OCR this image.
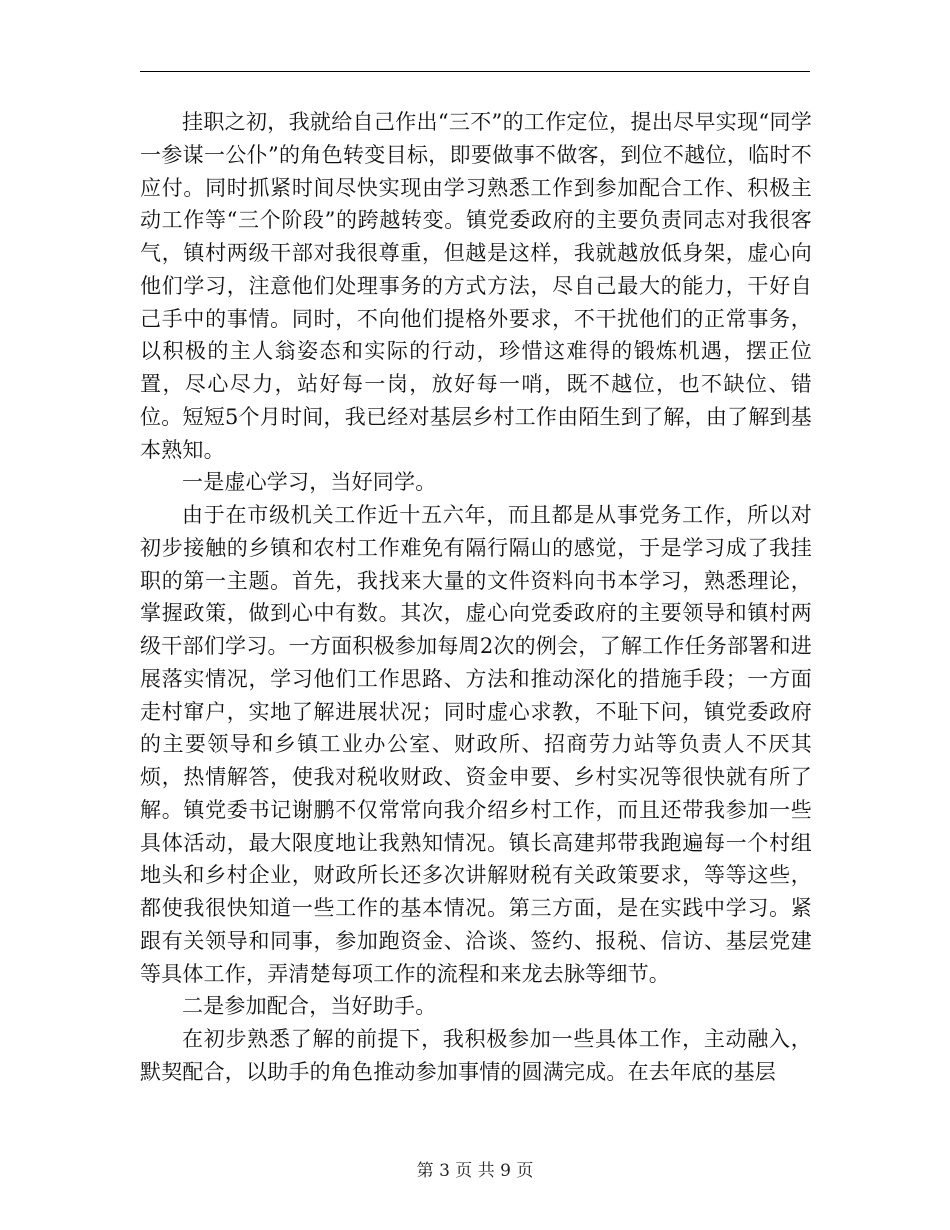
挂职之初，我就给自己作出“三不”的工作定位，提出尽早实现“同学一参谋一公仆”的角色转变目标，即要做事不做客，到位不越位，临时不应付。同时抓紧时间尽快实现由学习熟悉工作到参加配合工作、积极主动工作等“三个阶段”的跨越转变。镇党委政府的主要负责同志对我很客气，镇村两级干部对我很尊重，但越是这样，我就越放低身架，虚心向他们学习，注意他们处理事务的方式方法，尽自己最大的能力，干好自己手中的事情。同时，不向他们提格外要求，不干扰他们的正常事务，以积极的主人翁姿态和实际的行动，珍惜这难得的锻炼机遇，摆正位置，尽心尽力，站好每一岗，放好每一哨，既不越位，也不缺位、错位。短短5个月时间，我已经对基层乡村工作由陌生到了解，由了解到基本熟知。

一是虚心学习，当好同学。

由于在市级机关工作近十五六年，而且都是从事党务工作，所以对初步接触的乡镇和农村工作难免有隔行隔山的感觉，于是学习成了我挂职的第一主题。首先，我找来大量的文件资料向书本学习，熟悉理论，掌握政策，做到心中有数。其次，虚心向党委政府的主要领导和镇村两级干部们学习。一方面积极参加每周2次的例会，了解工作任务部署和进展落实情况，学习他们工作思路、方法和推动深化的措施手段；一方面走村窜户，实地了解进展状况；同时虚心求教，不耻下问，镇党委政府的主要领导和乡镇工业办公室、财政所、招商劳力站等负责人不厌其烦，热情解答，使我对税收财政、资金申要、乡村实况等很快就有所了解。镇党委书记谢鹏不仅常常向我介绍乡村工作，而且还带我参加一些具体活动，最大限度地让我熟知情况。镇长高建邦带我跑遍每一个村组地头和乡村企业，财政所长还多次讲解财税有关政策要求，等等这些，都使我很快知道一些工作的基本情况。第三方面，是在实践中学习。紧跟有关领导和同事，参加跑资金、洽谈、签约、报税、信访、基层党建等具体工作，弄清楚每项工作的流程和来龙去脉等细节。

二是参加配合，当好助手。

在初步熟悉了解的前提下，我积极参加一些具体工作，主动融入，默契配合，以助手的角色推动参加事情的圆满完成。在去年底的基层

第 3 页 共 9 页
